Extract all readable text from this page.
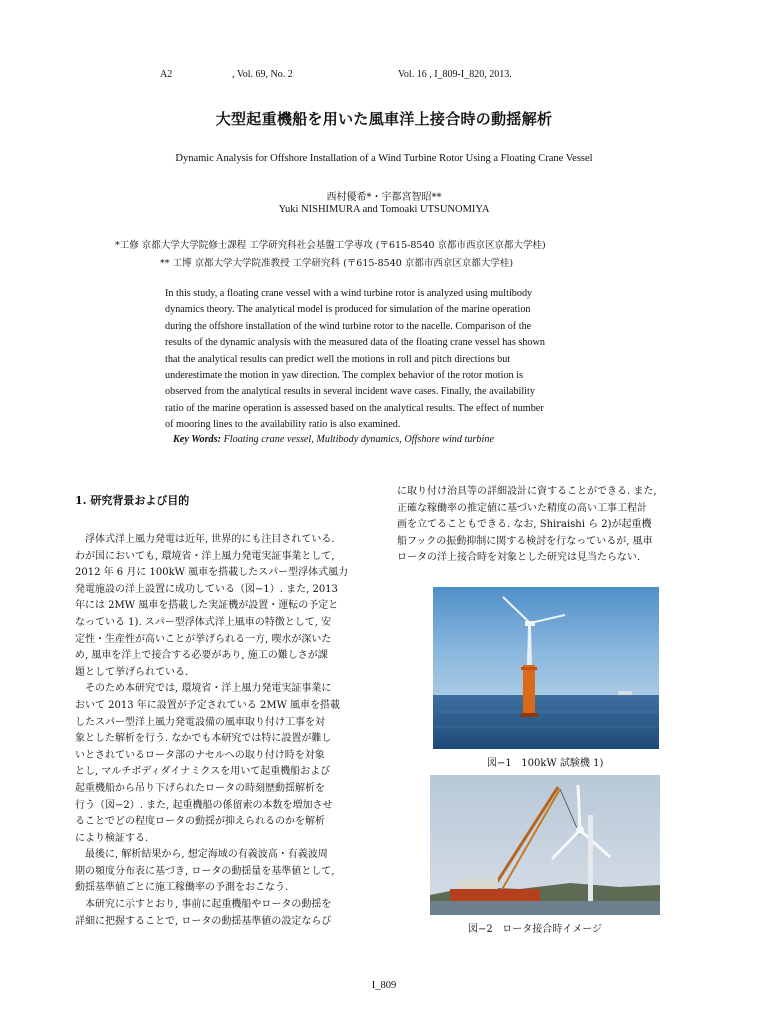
A2	, Vol. 69, No. 2	Vol. 16 , I_809-I_820, 2013.
大型起重機船を用いた風車洋上接合時の動揺解析
Dynamic Analysis for Offshore Installation of a Wind Turbine Rotor Using a Floating Crane Vessel
西村優希*・宇都宮智昭**
Yuki NISHIMURA and Tomoaki UTSUNOMIYA
*工修 京都大学大学院修士課程 工学研究科社会基盤工学専攻 (〒615-8540 京都市西京区京都大学桂)
** 工博 京都大学大学院准教授 工学研究科 (〒615-8540 京都市西京区京都大学桂)
In this study, a floating crane vessel with a wind turbine rotor is analyzed using multibody
dynamics theory. The analytical model is produced for simulation of the marine operation
during the offshore installation of the wind turbine rotor to the nacelle. Comparison of the
results of the dynamic analysis with the measured data of the floating crane vessel has shown
that the analytical results can predict well the motions in roll and pitch directions but
underestimate the motion in yaw direction. The complex behavior of the rotor motion is
observed from the analytical results in several incident wave cases. Finally, the availability
ratio of the marine operation is assessed based on the analytical results. The effect of number
of mooring lines to the availability ratio is also examined.
Key Words: Floating crane vessel, Multibody dynamics, Offshore wind turbine
1. 研究背景および目的
　浮体式洋上風力発電は近年, 世界的にも注目されている.
わが国においても, 環境省・洋上風力発電実証事業として,
2012 年 6 月に 100kW 風車を搭載したスパー型浮体式風力
発電施設の洋上設置に成功している（図−1）. また, 2013
年には 2MW 風車を搭載した実証機が設置・運転の予定と
なっている 1). スパー型浮体式洋上風車の特徴として, 安
定性・生産性が高いことが挙げられる一方, 喫水が深いた
め, 風車を洋上で接合する必要があり, 施工の難しさが課
題として挙げられている.
　そのため本研究では, 環境省・洋上風力発電実証事業に
おいて 2013 年に設置が予定されている 2MW 風車を搭載
したスパー型洋上風力発電設備の風車取り付け工事を対
象とした解析を行う. なかでも本研究では特に設置が難し
いとされているロータ部のナセルへの取り付け時を対象
とし, マルチボディダイナミクスを用いて起重機船および
起重機船から吊り下げられたロータの時刻歴動揺解析を
行う（図−2）. また, 起重機船の係留索の本数を増加させ
ることでどの程度ロータの動揺が抑えられるのかを解析
により検証する.
　最後に, 解析結果から, 想定海域の有義波高・有義波周
期の頻度分布表に基づき, ロータの動揺量を基準値として,
動揺基準値ごとに施工稼働率の予測をおこなう.
　本研究に示すとおり, 事前に起重機船やロータの動揺を
詳細に把握することで, ロータの動揺基準値の設定ならび
に取り付け治具等の詳細設計に資することができる. また,
正確な稼働率の推定値に基づいた精度の高い工事工程計
画を立てることもできる. なお, Shiraishi ら 2)が起重機
船フックの振動抑制に関する検討を行なっているが, 風車
ロータの洋上接合時を対象とした研究は見当たらない.
図−1 100kW 試験機 1)
図−2 ロータ接合時イメージ
I_809
